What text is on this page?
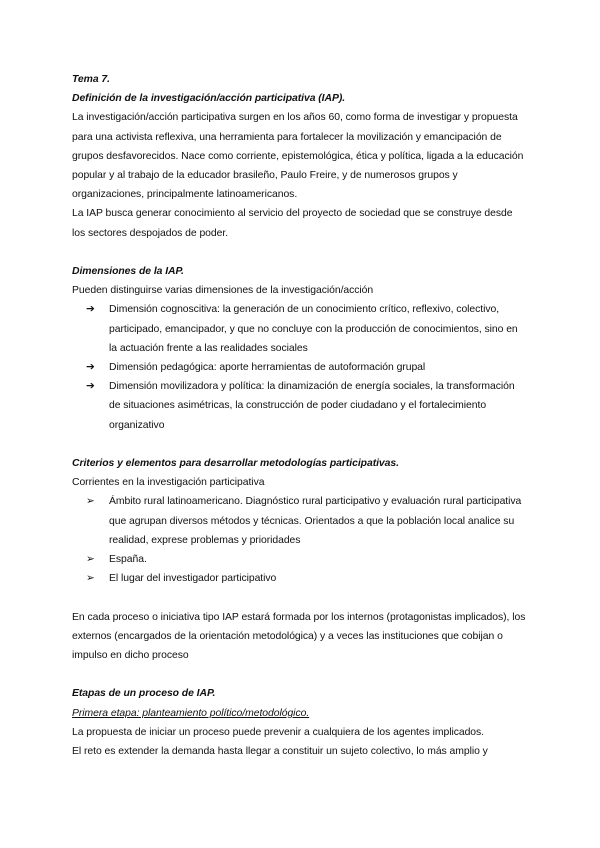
Tema 7.

Definición de la investigación/acción participativa (IAP).

La investigación/acción participativa surgen en los años 60, como forma de investigar y propuesta para una activista reflexiva, una herramienta para fortalecer la movilización y emancipación de grupos desfavorecidos. Nace como corriente, epistemológica, ética y política, ligada a la educación popular y al trabajo de la educador brasileño, Paulo Freire, y de numerosos grupos y organizaciones, principalmente latinoamericanos.

La IAP busca generar conocimiento al servicio del proyecto de sociedad que se construye desde los sectores despojados de poder.

Dimensiones de la IAP.

Pueden distinguirse varias dimensiones de la investigación/acción

➔	Dimensión cognoscitiva: la generación de un conocimiento crítico, reflexivo, colectivo, participado, emancipador, y que no concluye con la producción de conocimientos, sino en la actuación frente a las realidades sociales
➔	Dimensión pedagógica: aporte herramientas de autoformación grupal
➔	Dimensión movilizadora y política: la dinamización de energía sociales, la transformación de situaciones asimétricas, la construcción de poder ciudadano y el fortalecimiento organizativo

Criterios y elementos para desarrollar metodologías participativas.

Corrientes en la investigación participativa

➢	Ámbito rural latinoamericano. Diagnóstico rural participativo y evaluación rural participativa que agrupan diversos métodos y técnicas. Orientados a que la población local analice su realidad, exprese problemas y prioridades
➢	España.
➢	El lugar del investigador participativo

En cada proceso o iniciativa tipo IAP estará formada por los internos (protagonistas implicados), los externos (encargados de la orientación metodológica) y a veces las instituciones que cobijan o impulso en dicho proceso

Etapas de un proceso de IAP.

Primera etapa: planteamiento político/metodológico.

La propuesta de iniciar un proceso puede prevenir a cualquiera de los agentes implicados.

El reto es extender la demanda hasta llegar a constituir un sujeto colectivo, lo más amplio y
